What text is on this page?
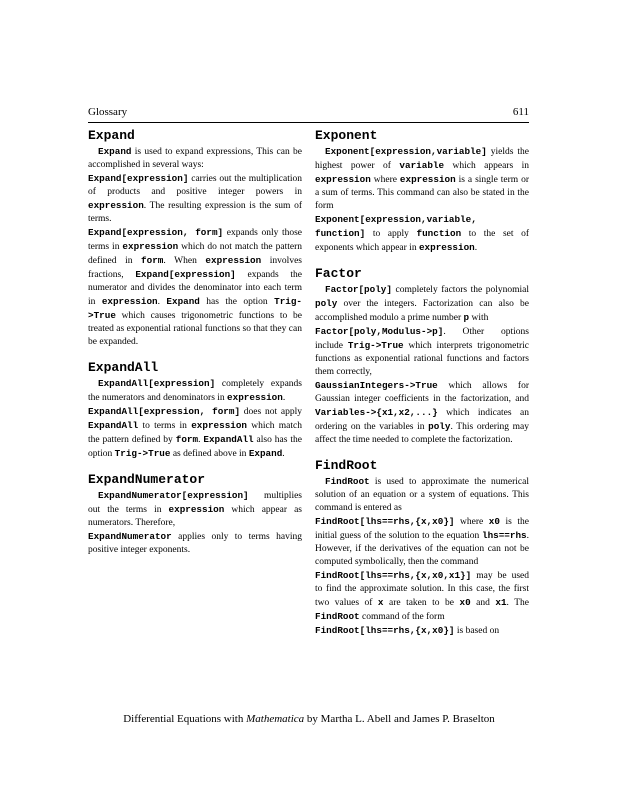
Glossary	611
Expand

Expand is used to expand expressions, This can be accomplished in several ways:

Expand[expression] carries out the multiplication of products and positive integer powers in expression. The resulting expression is the sum of terms.

Expand[expression, form] expands only those terms in expression which do not match the pattern defined in form. When expression involves fractions, Expand[expression] expands the numerator and divides the denominator into each term in expression. Expand has the option Trig->True which causes trigonometric functions to be treated as exponential rational functions so that they can be expanded.

ExpandAll

ExpandAll[expression] completely expands the numerators and denominators in expression.

ExpandAll[expression, form] does not apply ExpandAll to terms in expression which match the pattern defined by form. ExpandAll also has the option Trig->True as defined above in Expand.

ExpandNumerator

ExpandNumerator[expression] multiplies out the terms in expression which appear as numerators. Therefore,

ExpandNumerator applies only to terms having positive integer exponents.

Exponent

Exponent[expression,variable] yields the highest power of variable which appears in expression where expression is a single term or a sum of terms. This command can also be stated in the form

Exponent[expression,variable, function] to apply function to the set of exponents which appear in expression.

Factor

Factor[poly] completely factors the polynomial poly over the integers. Factorization can also be accomplished modulo a prime number p with

Factor[poly,Modulus->p]. Other options include Trig->True which interprets trigonometric functions as exponential rational functions and factors them correctly,

GaussianIntegers->True which allows for Gaussian integer coefficients in the factorization, and Variables->{x1,x2,...} which indicates an ordering on the variables in poly. This ordering may affect the time needed to complete the factorization.

FindRoot

FindRoot is used to approximate the numerical solution of an equation or a system of equations. This command is entered as

FindRoot[lhs==rhs,{x,x0}] where x0 is the initial guess of the solution to the equation lhs==rhs. However, if the derivatives of the equation can not be computed symbolically, then the command

FindRoot[lhs==rhs,{x,x0,x1}] may be used to find the approximate solution. In this case, the first two values of x are taken to be x0 and x1. The FindRoot command of the form

FindRoot[lhs==rhs,{x,x0}] is based on

Differential Equations with Mathematica by Martha L. Abell and James P. Braselton
